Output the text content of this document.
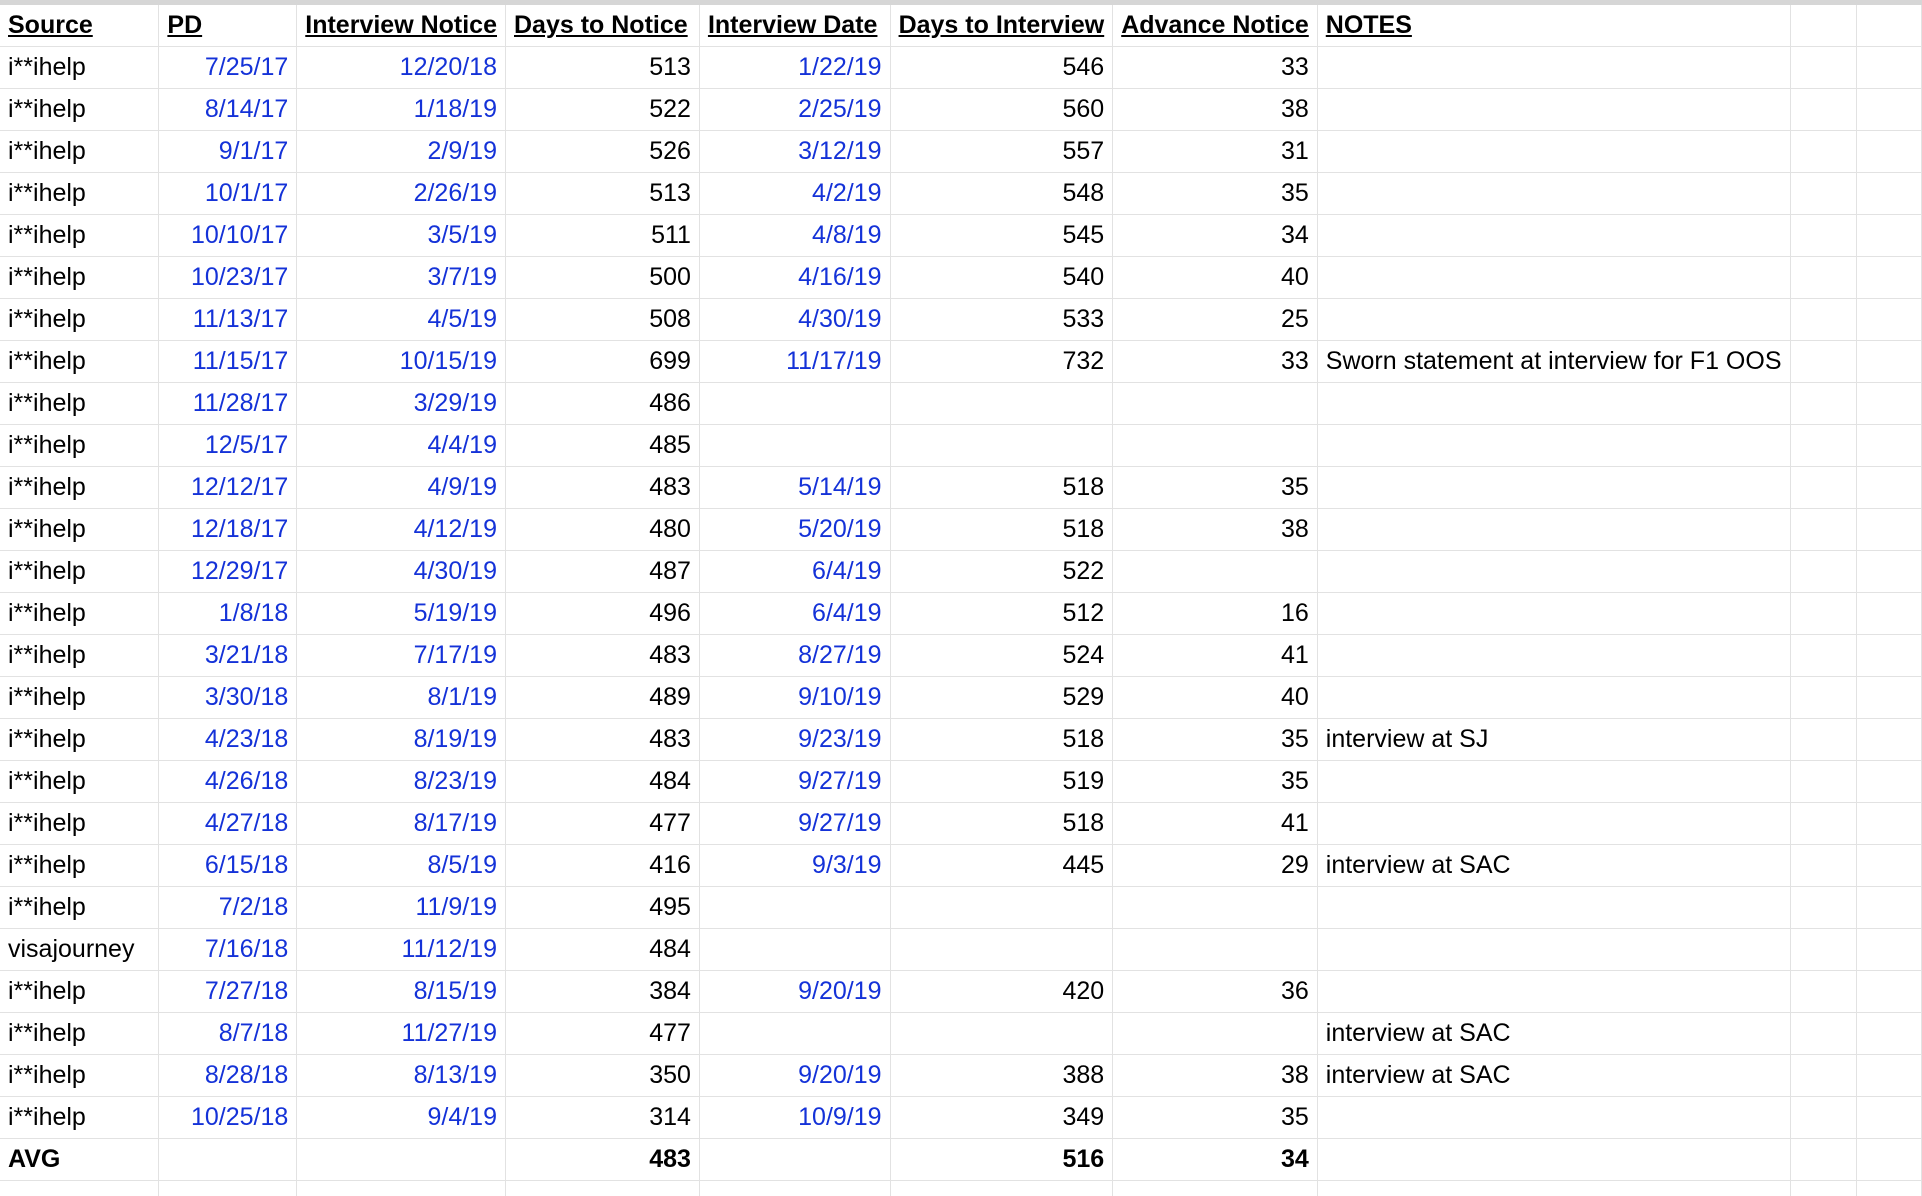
Source	PD	Interview Notice	Days to Notice	Interview Date	Days to Interview	Advance Notice	NOTES		
i**ihelp	7/25/17	12/20/18	513	1/22/19	546	33			
i**ihelp	8/14/17	1/18/19	522	2/25/19	560	38			
i**ihelp	9/1/17	2/9/19	526	3/12/19	557	31			
i**ihelp	10/1/17	2/26/19	513	4/2/19	548	35			
i**ihelp	10/10/17	3/5/19	511	4/8/19	545	34			
i**ihelp	10/23/17	3/7/19	500	4/16/19	540	40			
i**ihelp	11/13/17	4/5/19	508	4/30/19	533	25			
i**ihelp	11/15/17	10/15/19	699	11/17/19	732	33	Sworn statement at interview for F1 OOS		
i**ihelp	11/28/17	3/29/19	486						
i**ihelp	12/5/17	4/4/19	485						
i**ihelp	12/12/17	4/9/19	483	5/14/19	518	35			
i**ihelp	12/18/17	4/12/19	480	5/20/19	518	38			
i**ihelp	12/29/17	4/30/19	487	6/4/19	522				
i**ihelp	1/8/18	5/19/19	496	6/4/19	512	16			
i**ihelp	3/21/18	7/17/19	483	8/27/19	524	41			
i**ihelp	3/30/18	8/1/19	489	9/10/19	529	40			
i**ihelp	4/23/18	8/19/19	483	9/23/19	518	35	interview at SJ		
i**ihelp	4/26/18	8/23/19	484	9/27/19	519	35			
i**ihelp	4/27/18	8/17/19	477	9/27/19	518	41			
i**ihelp	6/15/18	8/5/19	416	9/3/19	445	29	interview at SAC		
i**ihelp	7/2/18	11/9/19	495						
visajourney	7/16/18	11/12/19	484						
i**ihelp	7/27/18	8/15/19	384	9/20/19	420	36			
i**ihelp	8/7/18	11/27/19	477				interview at SAC		
i**ihelp	8/28/18	8/13/19	350	9/20/19	388	38	interview at SAC		
i**ihelp	10/25/18	9/4/19	314	10/9/19	349	35			
AVG			483		516	34			
